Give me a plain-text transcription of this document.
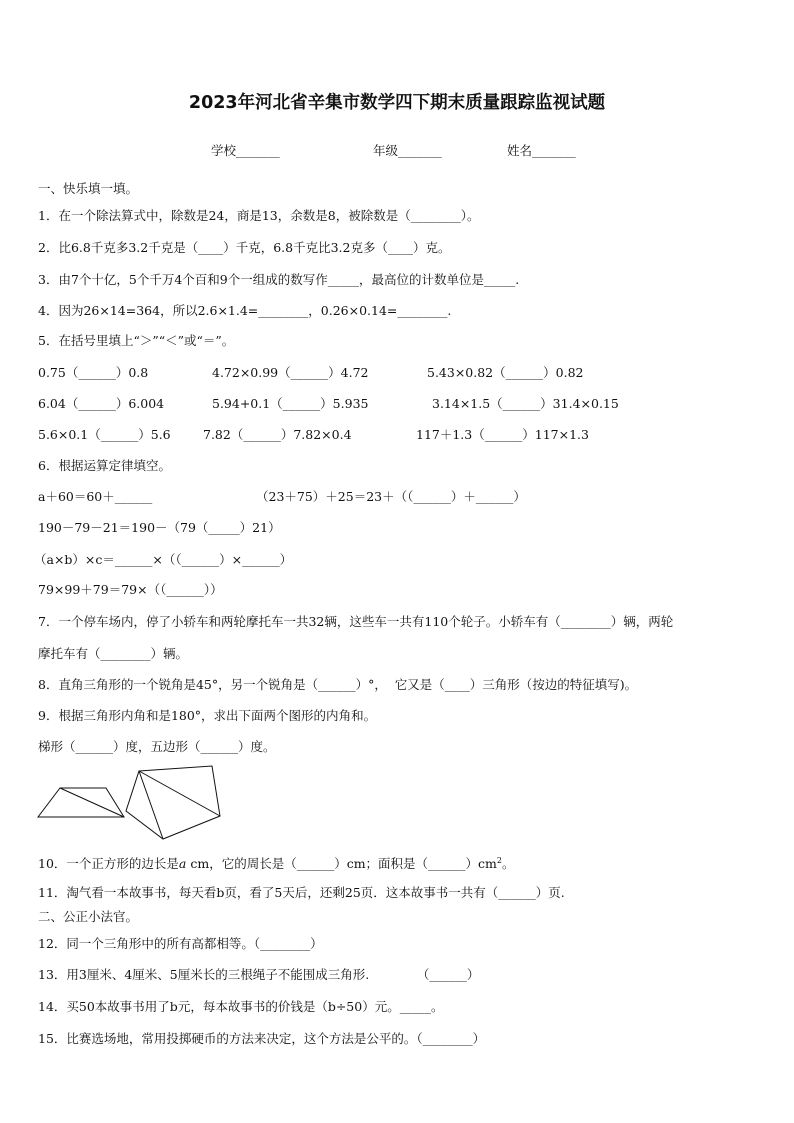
2023年河北省辛集市数学四下期末质量跟踪监视试题
学校_______	年级_______	姓名_______
一、快乐填一填。
1．在一个除法算式中，除数是24，商是13，余数是8，被除数是（________）。
2．比6.8千克多3.2千克是（____）千克，6.8千克比3.2克多（____）克。
3．由7个十亿，5个千万4个百和9个一组成的数写作_____，最高位的计数单位是_____.
4．因为26×14=364，所以2.6×1.4=________，0.26×0.14=________.
5．在括号里填上“＞”“＜”或“＝”。
0.75（______）0.8	4.72×0.99（______）4.72	5.43×0.82（______）0.82
6.04（______）6.004	5.94+0.1（______）5.935	3.14×1.5（______）31.4×0.15
5.6×0.1（______）5.6	7.82（______）7.82×0.4	117＋1.3（______）117×1.3
6．根据运算定律填空。
a＋60＝60＋______	（23＋75）＋25＝23＋（（______）＋______）
190－79－21＝190－（79（_____）21）
（a×b）×c＝______×（（______）×______）
79×99＋79＝79×（（______））
7．一个停车场内，停了小轿车和两轮摩托车一共32辆，这些车一共有110个轮子。小轿车有（________）辆，两轮
摩托车有（________）辆。
8．直角三角形的一个锐角是45°，另一个锐角是（______）°，  它又是（____）三角形（按边的特征填写)。
9．根据三角形内角和是180°，求出下面两个图形的内角和。
梯形（______）度，五边形（______）度。
10．一个正方形的边长是a cm，它的周长是（______）cm；面积是$(\_\_\_\_\_\_)cm^2$。
11．淘气看一本故事书，每天看b页，看了5天后，还剩25页．这本故事书一共有（______）页.
二、公正小法官。
12．同一个三角形中的所有高都相等。（________）
13．用3厘米、4厘米、5厘米长的三根绳子不能围成三角形.            （______）
14．买50本故事书用了b元，每本故事书的价钱是（b÷50）元。_____。
15．比赛选场地，常用投掷硬币的方法来决定，这个方法是公平的。（________）
